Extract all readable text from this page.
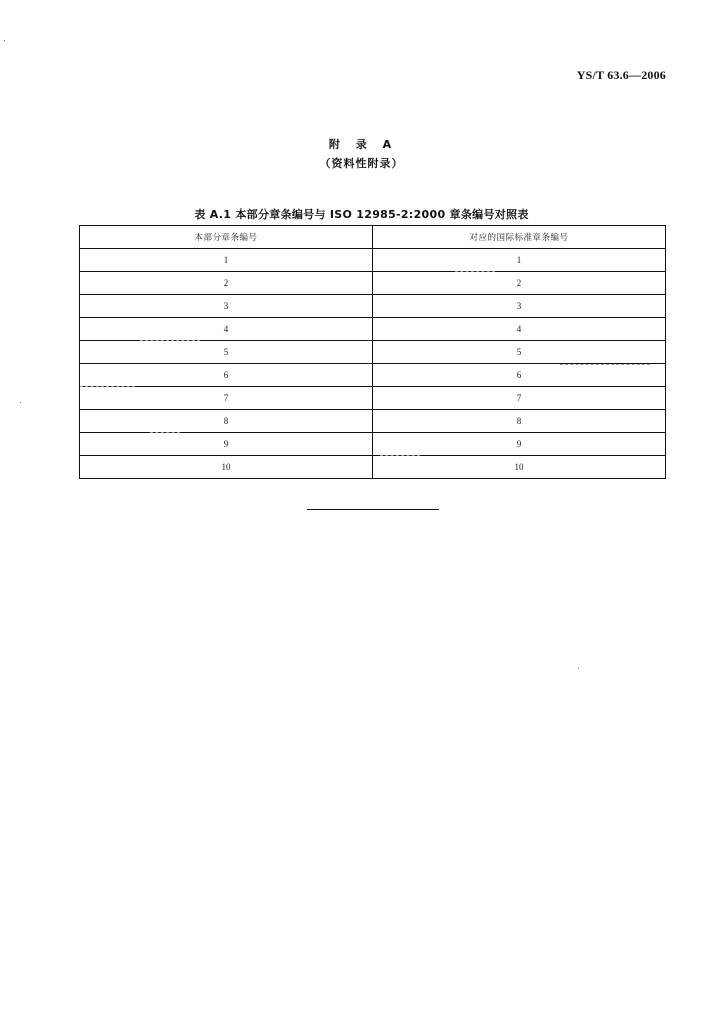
YS/T 63.6—2006
附 录 A
（资料性附录）
表 A.1 本部分章条编号与 ISO 12985-2:2000 章条编号对照表
本部分章条编号	对应的国际标准章条编号
1	1
2	2
3	3
4	4
5	5
6	6
7	7
8	8
9	9
10	10
